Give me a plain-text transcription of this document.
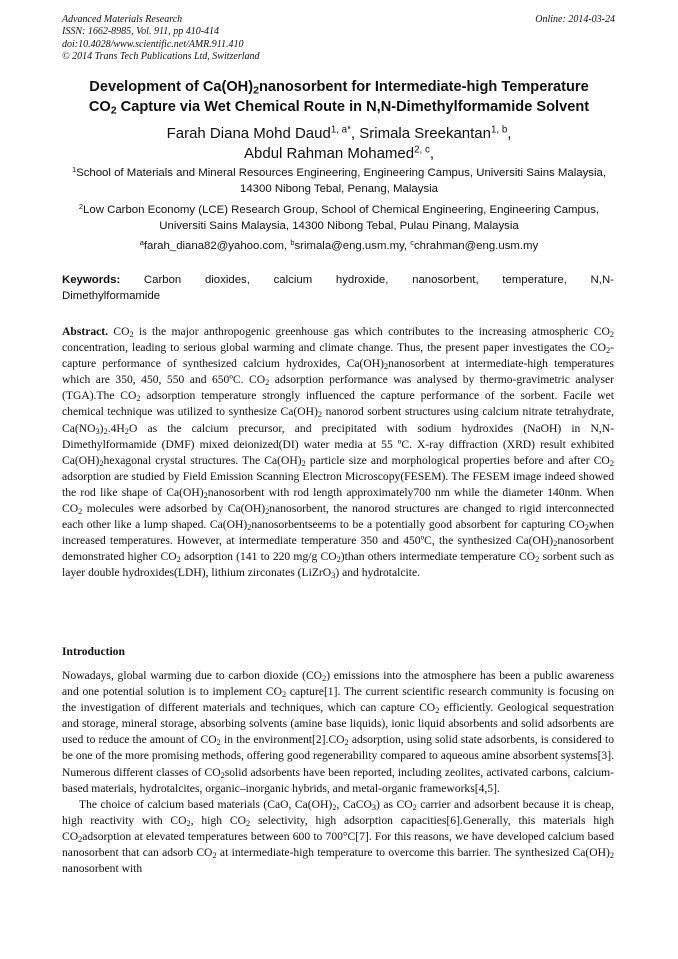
Advanced Materials Research
ISSN: 1662-8985, Vol. 911, pp 410-414
doi:10.4028/www.scientific.net/AMR.911.410
© 2014 Trans Tech Publications Ltd, Switzerland
Online: 2014-03-24
Development of $Ca(OH)_2nanosorbent$ for Intermediate-high Temperature
$CO_2$ Capture via Wet Chemical Route in N,N-Dimethylformamide Solvent
Farah Diana Mohd Daud$^{1, a*}$, Srimala Sreekantan$^{1, b}$,
Abdul Rahman Mohamed$^{2, c}$,
$^1$School of Materials and Mineral Resources Engineering, Engineering Campus, Universiti Sains Malaysia, 14300 Nibong Tebal, Penang, Malaysia
$^2$Low Carbon Economy (LCE) Research Group, School of Chemical Engineering, Engineering Campus, Universiti Sains Malaysia, 14300 Nibong Tebal, Pulau Pinang, Malaysia
$^a$farah_diana82@yahoo.com, $^b$srimala@eng.usm.my, $^c$chrahman@eng.usm.my
Keywords: Carbon dioxides, calcium hydroxide, nanosorbent, temperature, N,N-
Dimethylformamide
Abstract. $CO_2$ is the major anthropogenic greenhouse gas which contributes to the increasing atmospheric $CO_2$ concentration, leading to serious global warming and climate change. Thus, the present paper investigates the $CO_2$-capture performance of synthesized calcium hydroxides, $Ca(OH)_2nanosorbent$ at intermediate-high temperatures which are 350, 450, 550 and 650ºC. $CO_2$ adsorption performance was analysed by thermo-gravimetric analyser (TGA).The $CO_2$ adsorption temperature strongly influenced the capture performance of the sorbent. Facile wet chemical technique was utilized to synthesize $Ca(OH)_2$ nanorod sorbent structures using calcium nitrate tetrahydrate, $Ca(NO_3)_2.4H_2O$ as the calcium precursor, and precipitated with sodium hydroxides (NaOH) in N,N-Dimethylformamide (DMF) mixed deionized(DI) water media at 55 ºC. X-ray diffraction (XRD) result exhibited $Ca(OH)_2hexagonal$ crystal structures. The $Ca(OH)_2$ particle size and morphological properties before and after $CO_2$ adsorption are studied by Field Emission Scanning Electron Microscopy(FESEM). The FESEM image indeed showed the rod like shape of $Ca(OH)_2nanosorbent$ with rod length approximately700 nm while the diameter 140nm. When $CO_2$ molecules were adsorbed by $Ca(OH)_2nanosorbent$, the nanorod structures are changed to rigid interconnected each other like a lump shaped. $Ca(OH)_2nanosorbentseems$ to be a potentially good absorbent for capturing $CO_2when$ increased temperatures. However, at intermediate temperature 350 and 450ºC, the synthesized $Ca(OH)_2nanosorbent$ demonstrated higher $CO_2$ adsorption (141 to 220 mg/g $CO_2)than$ others intermediate temperature $CO_2$ sorbent such as layer double hydroxides(LDH), lithium zirconates (LiZrO$_3$) and hydrotalcite.
Introduction

Nowadays, global warming due to carbon dioxide $(CO_2)$ emissions into the atmosphere has been a public awareness and one potential solution is to implement $CO_2$ capture[1]. The current scientific research community is focusing on the investigation of different materials and techniques, which can capture $CO_2$ efficiently. Geological sequestration and storage, mineral storage, absorbing solvents (amine base liquids), ionic liquid absorbents and solid adsorbents are used to reduce the amount of $CO_2$ in the $environment[2].CO_2$ adsorption, using solid state adsorbents, is considered to be one of the more promising methods, offering good regenerability compared to aqueous amine absorbent systems[3]. Numerous different classes of $CO_2solid$ adsorbents have been reported, including zeolites, activated carbons, calcium-based materials, hydrotalcites, organic–inorganic hybrids, and metal-organic frameworks[4,5].

The choice of calcium based materials (CaO, $Ca(OH)_2$, CaCO$_3$) as $CO_2$ carrier and adsorbent because it is cheap, high reactivity with $CO_2$, high $CO_2$ selectivity, high adsorption capacities[6].Generally, this materials high $CO_2adsorption$ at elevated temperatures between 600 to 700°C[7]. For this reasons, we have developed calcium based nanosorbent that can adsorb $CO_2$ at intermediate-high temperature to overcome this barrier. The synthesized $Ca(OH)_2$ nanosorbent with
